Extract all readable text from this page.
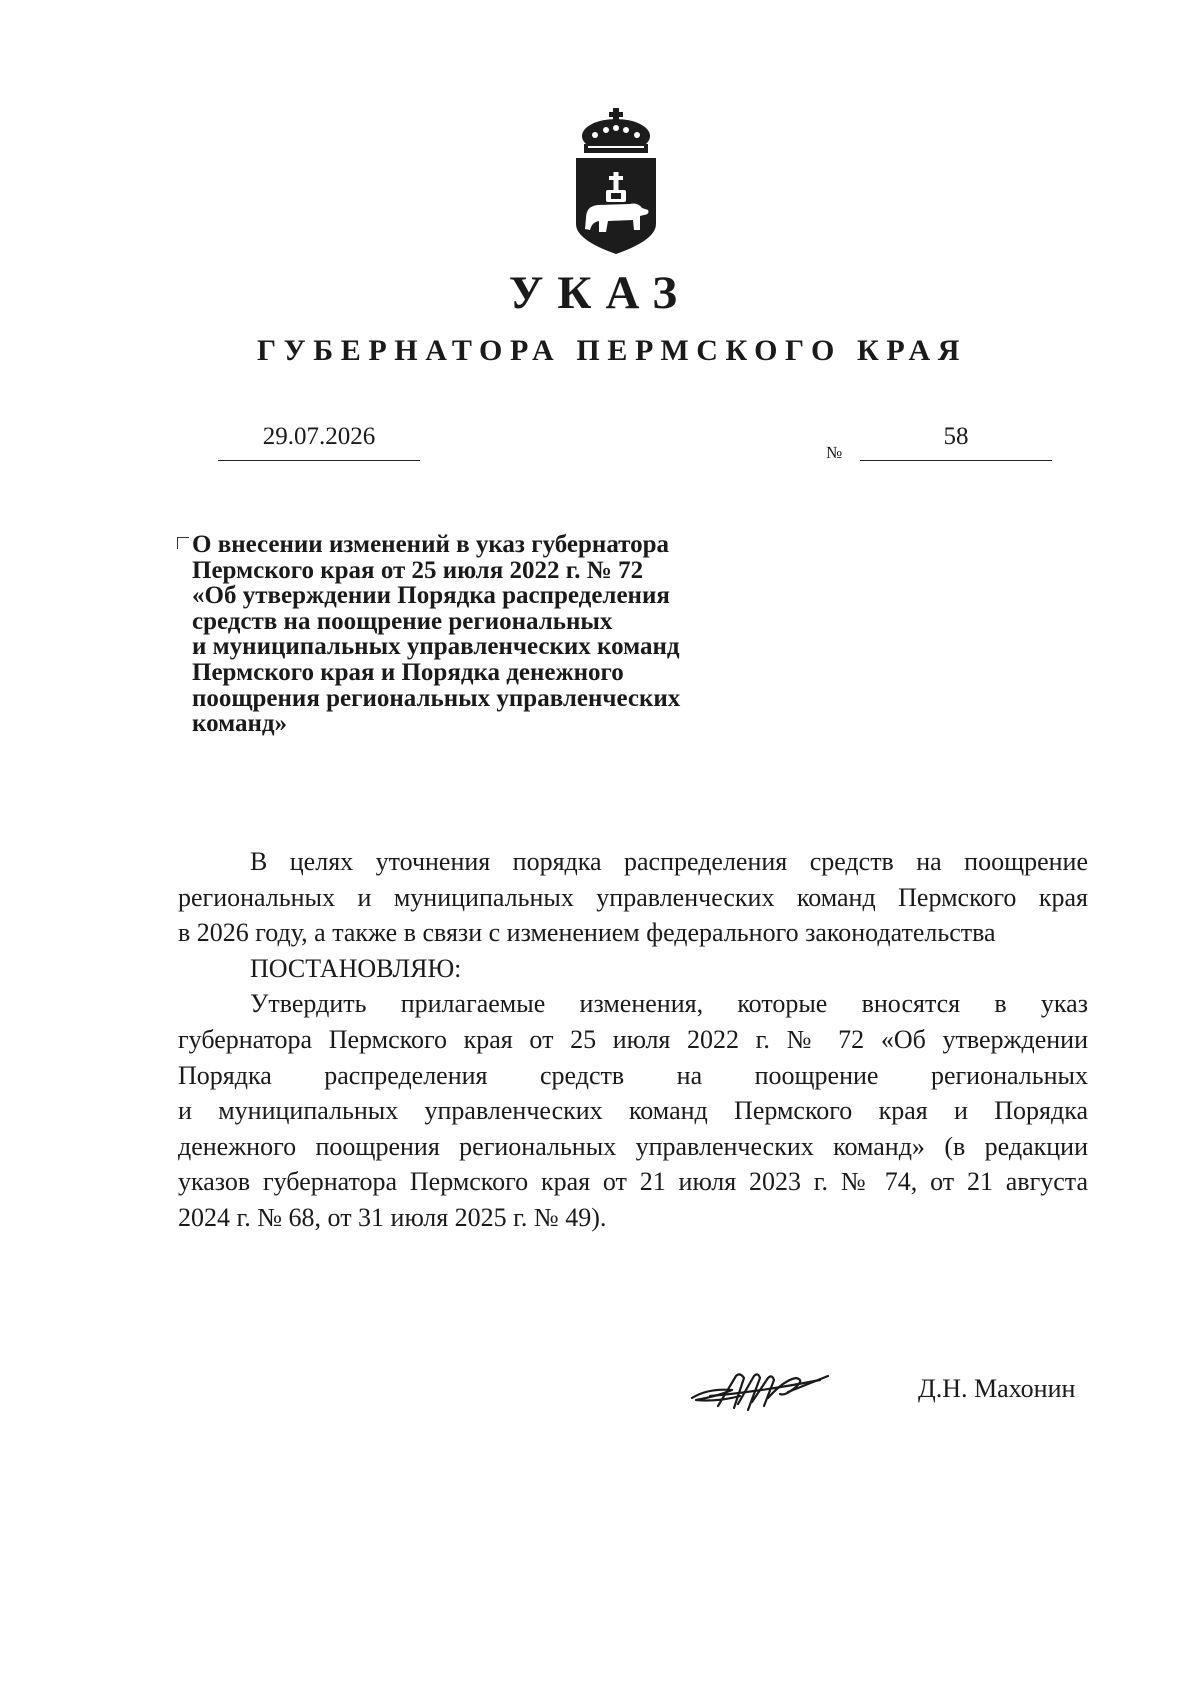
УКАЗ
ГУБЕРНАТОРА ПЕРМСКОГО КРАЯ
29.07.2026
№
58
О внесении изменений в указ губернатора
Пермского края от 25 июля 2022 г. № 72
«Об утверждении Порядка распределения
средств на поощрение региональных
и муниципальных управленческих команд
Пермского края и Порядка денежного
поощрения региональных управленческих
команд»
В целях уточнения порядка распределения средств на поощрение
региональных и муниципальных управленческих команд Пермского края
в 2026 году, а также в связи с изменением федерального законодательства
ПОСТАНОВЛЯЮ:
Утвердить прилагаемые изменения, которые вносятся в указ
губернатора Пермского края от 25 июля 2022 г. № 72 «Об утверждении
Порядка распределения средств на поощрение региональных
и муниципальных управленческих команд Пермского края и Порядка
денежного поощрения региональных управленческих команд» (в редакции
указов губернатора Пермского края от 21 июля 2023 г. № 74, от 21 августа
2024 г. № 68, от 31 июля 2025 г. № 49).
Д.Н. Махонин
